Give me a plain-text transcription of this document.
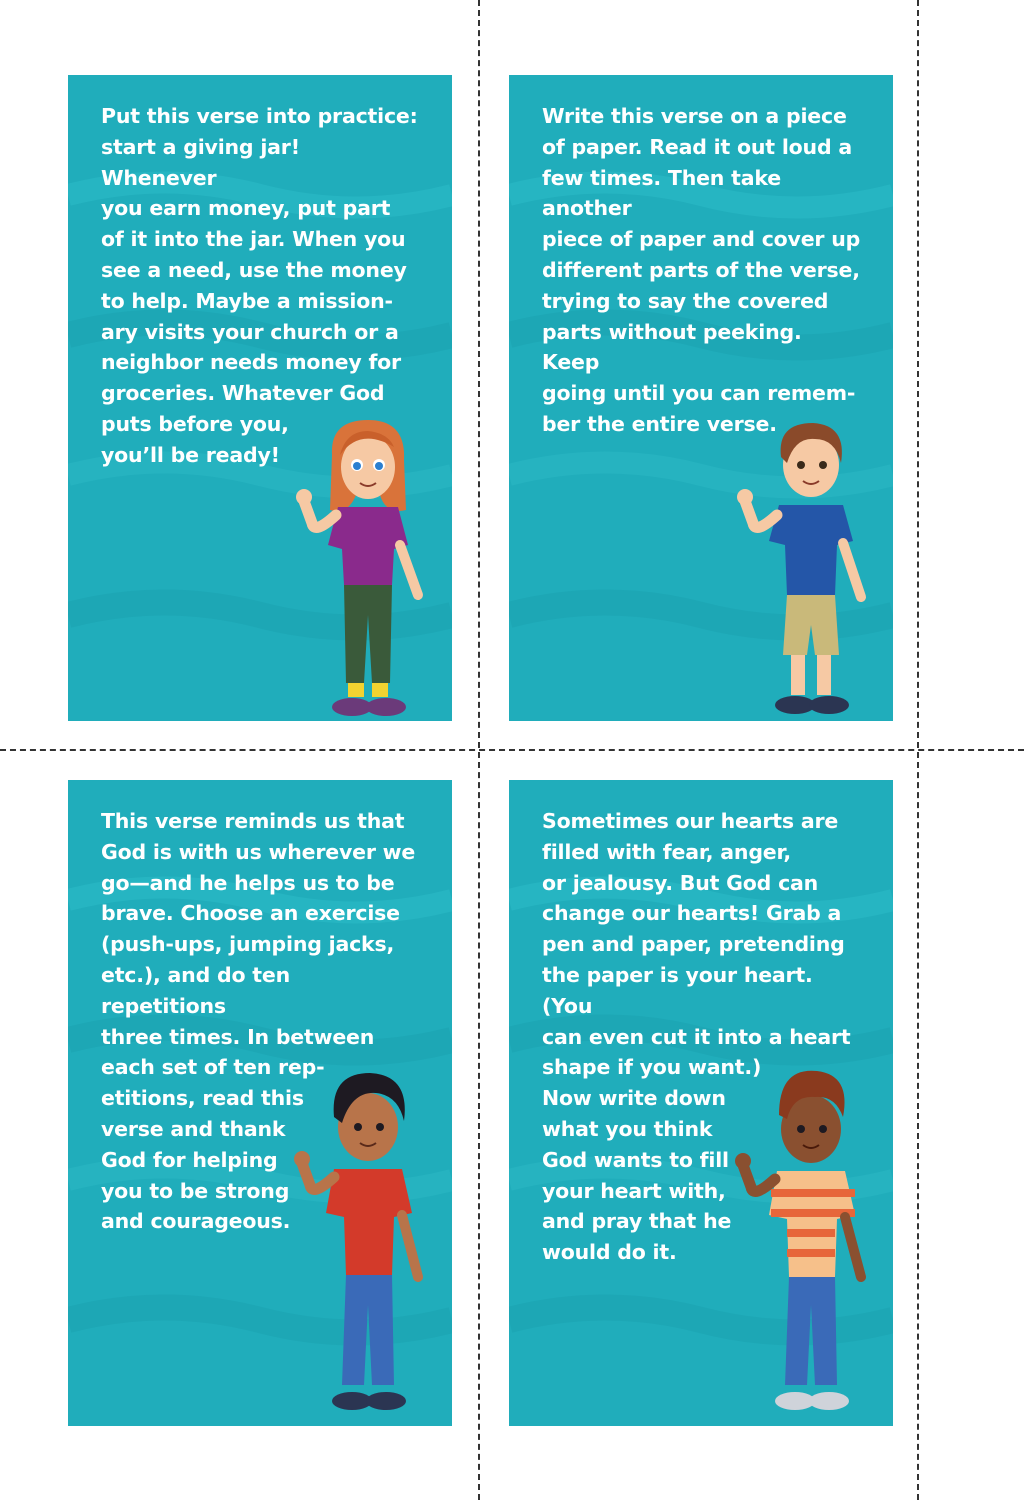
Put this verse into practice:
start a giving jar! Whenever
you earn money, put part
of it into the jar. When you
see a need, use the money
to help. Maybe a mission-
ary visits your church or a
neighbor needs money for
groceries. Whatever God
puts before you,
you’ll be ready!

Write this verse on a piece
of paper. Read it out loud a
few times. Then take another
piece of paper and cover up
different parts of the verse,
trying to say the covered
parts without peeking. Keep
going until you can remem-
ber the entire verse.

This verse reminds us that
God is with us wherever we
go—and he helps us to be
brave. Choose an exercise
(push-ups, jumping jacks,
etc.), and do ten repetitions
three times. In between
each set of ten rep-
etitions, read this
verse and thank
God for helping
you to be strong
and courageous.

Sometimes our hearts are
filled with fear, anger,
or jealousy. But God can
change our hearts! Grab a
pen and paper, pretending
the paper is your heart. (You
can even cut it into a heart
shape if you want.)
Now write down
what you think
God wants to fill
your heart with,
and pray that he
would do it.
